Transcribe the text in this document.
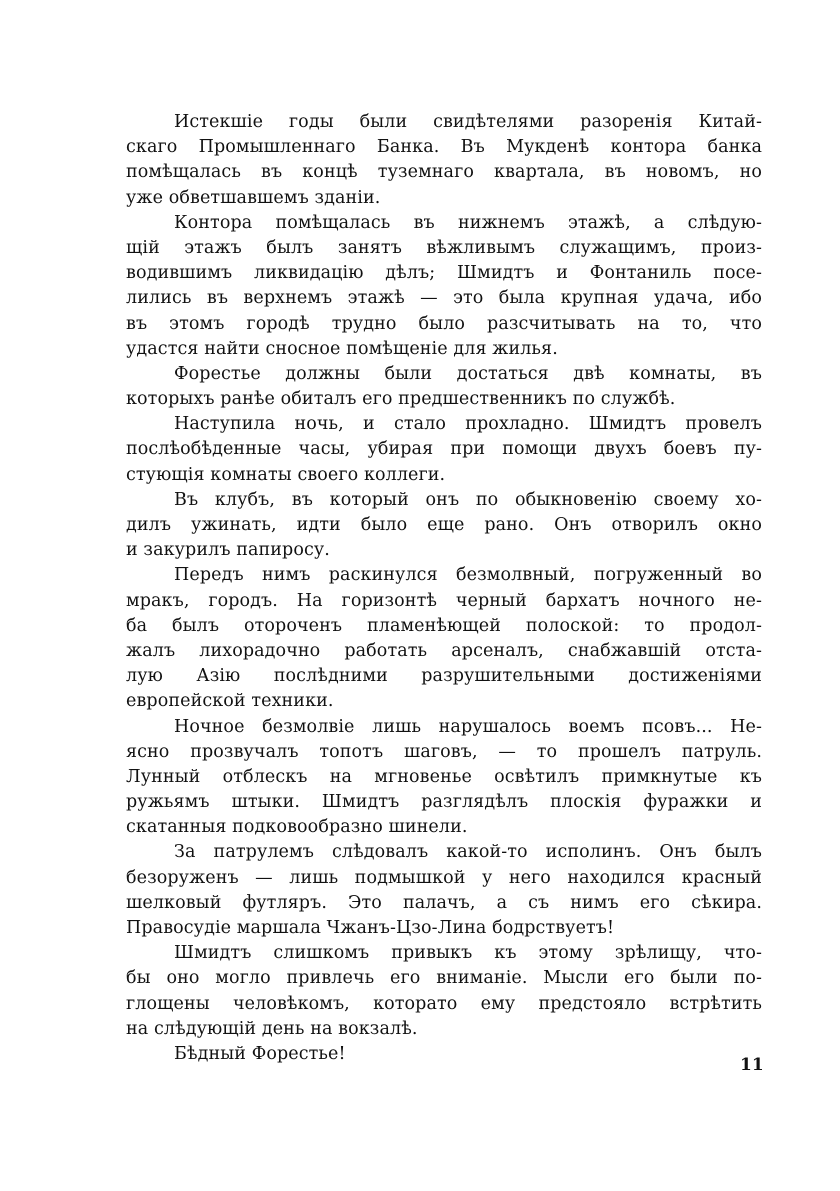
Истекшіе годы были свидѣтелями разоренія Китай-
скаго Промышленнаго Банка. Въ Мукденѣ контора банка
помѣщалась въ концѣ туземнаго квартала, въ новомъ, но
уже обветшавшемъ зданіи.
Контора помѣщалась въ нижнемъ этажѣ, а слѣдую-
щій этажъ былъ занятъ вѣжливымъ служащимъ, произ-
водившимъ ликвидацію дѣлъ; Шмидтъ и Фонтаниль посе-
лились въ верхнемъ этажѣ — это была крупная удача, ибо
въ этомъ городѣ трудно было разсчитывать на то, что
удастся найти сносное помѣщеніе для жилья.
Форестье должны были достаться двѣ комнаты, въ
которыхъ ранѣе обиталъ его предшественникъ по службѣ.
Наступила ночь, и стало прохладно. Шмидтъ провелъ
послѣобѣденные часы, убирая при помощи двухъ боевъ пу-
стующія комнаты своего коллеги.
Въ клубъ, въ который онъ по обыкновенію своему хо-
дилъ ужинать, идти было еще рано. Онъ отворилъ окно
и закурилъ папиросу.
Передъ нимъ раскинулся безмолвный, погруженный во
мракъ, городъ. На горизонтѣ черный бархатъ ночного не-
ба былъ оторочeнъ пламенѣющей полоской: то продол-
жалъ лихорадочно работать арсеналъ, снабжавшій отста-
лую Азію послѣдними разрушительными достиженіями
европейской техники.
Ночное безмолвіе лишь нарушалось воемъ псовъ... Не-
ясно прозвучалъ топотъ шаговъ, — то прошелъ патруль.
Лунный отблескъ на мгновенье освѣтилъ примкнутые къ
ружьямъ штыки. Шмидтъ разглядѣлъ плоскія фуражки и
скатанныя подковообразно шинели.
За патрулемъ слѣдовалъ какой-то исполинъ. Онъ былъ
безоруженъ — лишь подмышкой у него находился красный
шелковый футляръ. Это палачъ, а съ нимъ его сѣкира.
Правосудіе маршала Чжанъ-Цзо-Лина бодрствуетъ!
Шмидтъ слишкомъ привыкъ къ этому зрѣлищу, что-
бы оно могло привлечь его вниманіе. Мысли его были по-
глощены человѣкомъ, которато ему предстояло встрѣтить
на слѣдующій день на вокзалѣ.
Бѣдный Форестье!
11
